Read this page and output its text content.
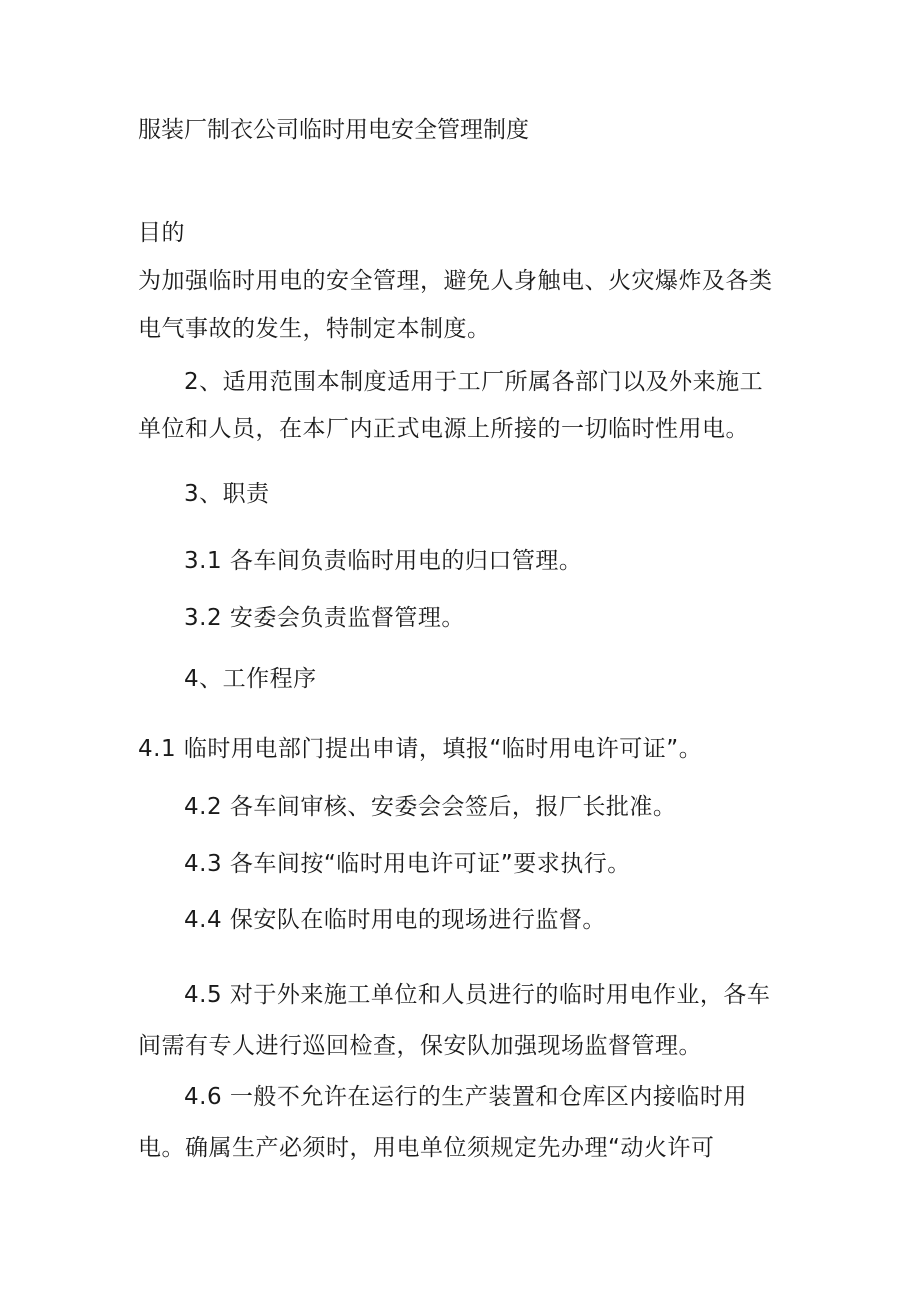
服装厂制衣公司临时用电安全管理制度
目的
为加强临时用电的安全管理，避免人身触电、火灾爆炸及各类
电气事故的发生，特制定本制度。
2、适用范围本制度适用于工厂所属各部门以及外来施工
单位和人员，在本厂内正式电源上所接的一切临时性用电。
3、职责
3.1 各车间负责临时用电的归口管理。
3.2 安委会负责监督管理。
4、工作程序
4.1 临时用电部门提出申请，填报“临时用电许可证”。
4.2 各车间审核、安委会会签后，报厂长批准。
4.3 各车间按“临时用电许可证”要求执行。
4.4 保安队在临时用电的现场进行监督。
4.5 对于外来施工单位和人员进行的临时用电作业，各车
间需有专人进行巡回检查，保安队加强现场监督管理。
4.6 一般不允许在运行的生产装置和仓库区内接临时用
电。确属生产必须时，用电单位须规定先办理“动火许可
